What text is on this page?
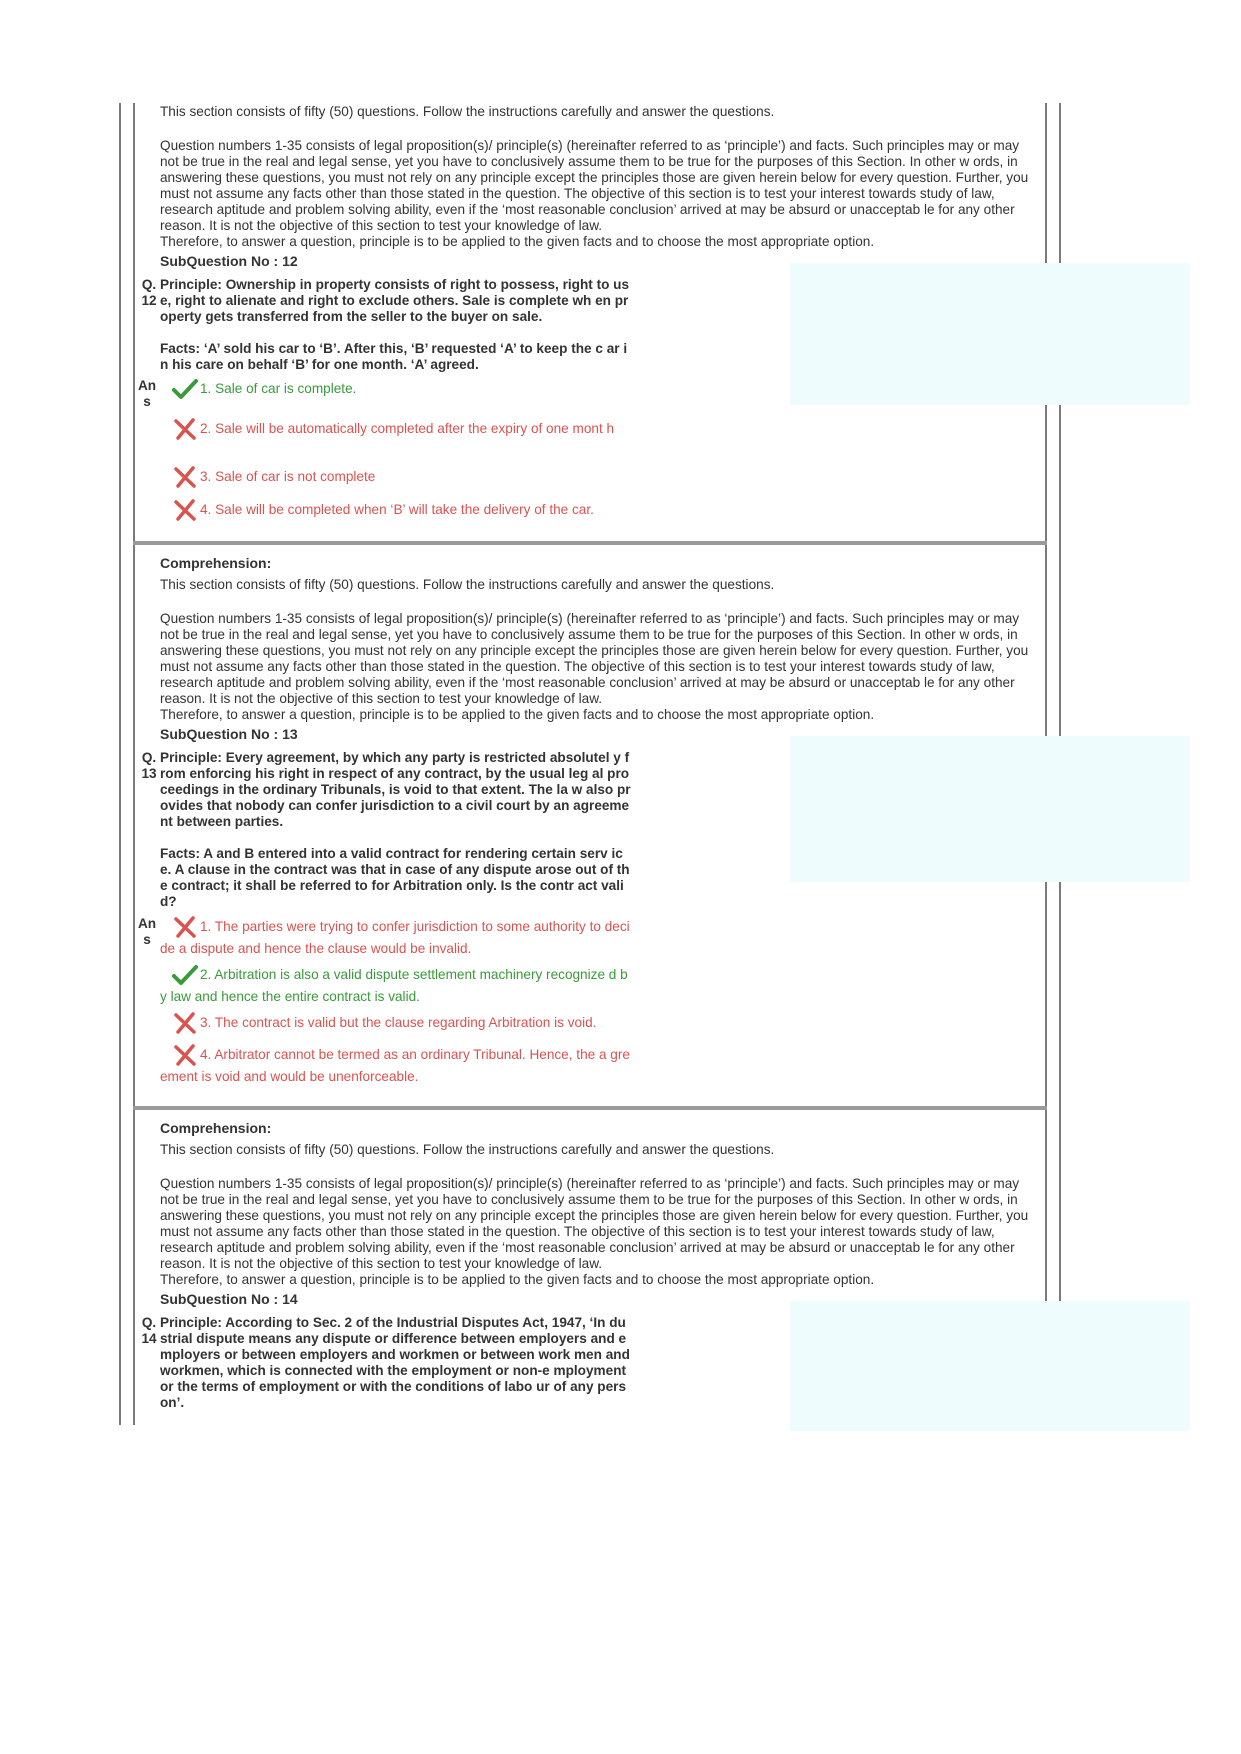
This section consists of fifty (50) questions. Follow the instructions carefully and answer the questions.

Question numbers 1-35 consists of legal proposition(s)/ principle(s) (hereinafter referred to as ‘principle’) and facts. Such principles may or may not be true in the real and legal sense, yet you have to conclusively assume them to be true for the purposes of this Section. In other w ords, in answering these questions, you must not rely on any principle except the principles those are given herein below for every question. Further, you must not assume any facts other than those stated in the question. The objective of this section is to test your interest towards study of law, research aptitude and problem solving ability, even if the ‘most reasonable conclusion’ arrived at may be absurd or unacceptab le for any other reason. It is not the objective of this section to test your knowledge of law.
Therefore, to answer a question, principle is to be applied to the given facts and to choose the most appropriate option.

SubQuestion No : 12
Q.
12

Principle: Ownership in property consists of right to possess, right to use, right to alienate and right to exclude others. Sale is complete wh en property gets transferred from the seller to the buyer on sale.

Facts: ‘A’ sold his car to ‘B’. After this, ‘B’ requested ‘A’ to keep the c ar in his care on behalf ‘B’ for one month. ‘A’ agreed.

An
s
1. Sale of car is complete.
2. Sale will be automatically completed after the expiry of one mont h
3. Sale of car is not complete
4. Sale will be completed when ‘B’ will take the delivery of the car.
Comprehension:

This section consists of fifty (50) questions. Follow the instructions carefully and answer the questions.

Question numbers 1-35 consists of legal proposition(s)/ principle(s) (hereinafter referred to as ‘principle’) and facts. Such principles may or may not be true in the real and legal sense, yet you have to conclusively assume them to be true for the purposes of this Section. In other w ords, in answering these questions, you must not rely on any principle except the principles those are given herein below for every question. Further, you must not assume any facts other than those stated in the question. The objective of this section is to test your interest towards study of law, research aptitude and problem solving ability, even if the ‘most reasonable conclusion’ arrived at may be absurd or unacceptab le for any other reason. It is not the objective of this section to test your knowledge of law.
Therefore, to answer a question, principle is to be applied to the given facts and to choose the most appropriate option.

SubQuestion No : 13
Q.
13

Principle: Every agreement, by which any party is restricted absolutel y from enforcing his right in respect of any contract, by the usual leg al proceedings in the ordinary Tribunals, is void to that extent. The la w also provides that nobody can confer jurisdiction to a civil court by an agreement between parties.

Facts: A and B entered into a valid contract for rendering certain serv ice. A clause in the contract was that in case of any dispute arose out of the contract; it shall be referred to for Arbitration only. Is the contr act valid?

An
s
1. The parties were trying to confer jurisdiction to some authority to decide a dispute and hence the clause would be invalid.
2. Arbitration is also a valid dispute settlement machinery recognize d by law and hence the entire contract is valid.
3. The contract is valid but the clause regarding Arbitration is void.
4. Arbitrator cannot be termed as an ordinary Tribunal. Hence, the a greement is void and would be unenforceable.
Comprehension:

This section consists of fifty (50) questions. Follow the instructions carefully and answer the questions.

Question numbers 1-35 consists of legal proposition(s)/ principle(s) (hereinafter referred to as ‘principle’) and facts. Such principles may or may not be true in the real and legal sense, yet you have to conclusively assume them to be true for the purposes of this Section. In other w ords, in answering these questions, you must not rely on any principle except the principles those are given herein below for every question. Further, you must not assume any facts other than those stated in the question. The objective of this section is to test your interest towards study of law, research aptitude and problem solving ability, even if the ‘most reasonable conclusion’ arrived at may be absurd or unacceptab le for any other reason. It is not the objective of this section to test your knowledge of law.
Therefore, to answer a question, principle is to be applied to the given facts and to choose the most appropriate option.

SubQuestion No : 14
Q.
14

Principle: According to Sec. 2 of the Industrial Disputes Act, 1947, ‘In dustrial dispute means any dispute or difference between employers and employers or between employers and workmen or between work men and workmen, which is connected with the employment or non-e mployment or the terms of employment or with the conditions of labo ur of any person’.
